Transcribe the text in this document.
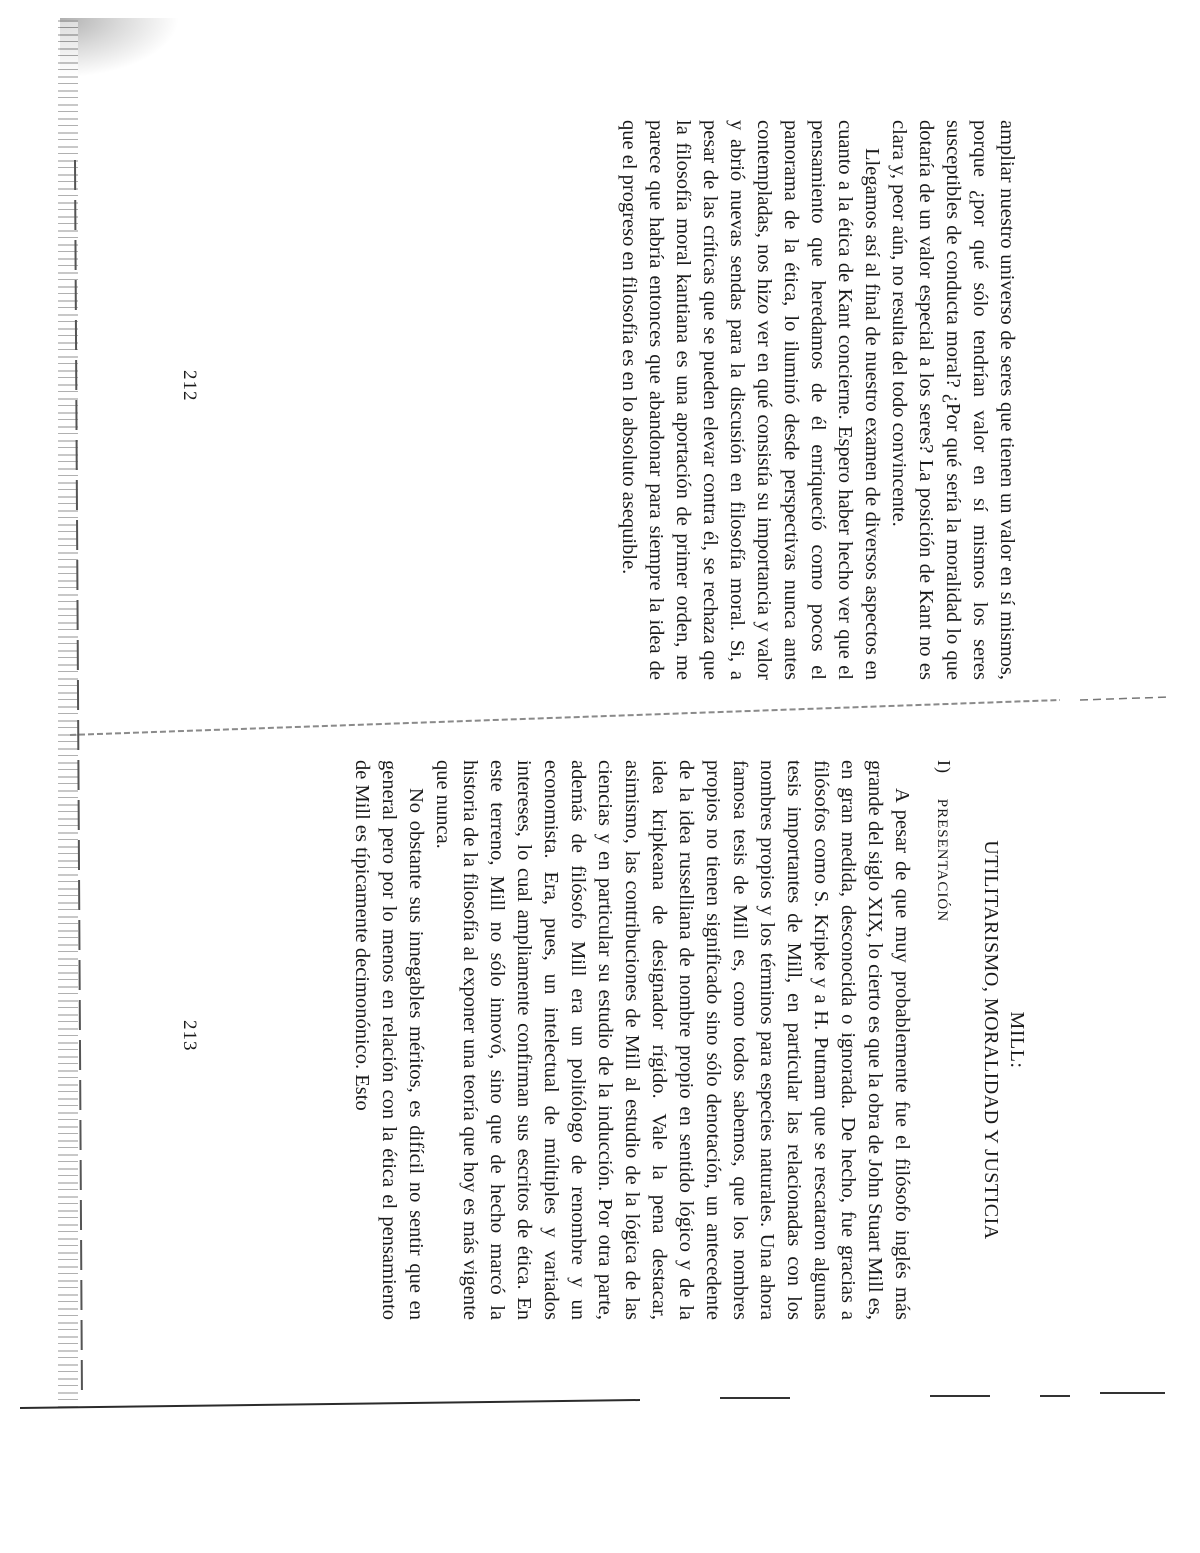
ampliar nuestro universo de seres que tienen un valor en sí mismos, porque ¿por qué sólo tendrían valor en sí mismos los seres susceptibles de conducta moral? ¿Por qué sería la moralidad lo que dotaría de un valor especial a los seres? La posición de Kant no es clara y, peor aún, no resulta del todo convincente.

Llegamos así al final de nuestro examen de diversos aspectos en cuanto a la ética de Kant concierne. Espero haber hecho ver que el pensamiento que heredamos de él enriqueció como pocos el panorama de la ética, lo iluminó desde perspectivas nunca antes contempladas, nos hizo ver en qué consistía su importancia y valor y abrió nuevas sendas para la discusión en filosofía moral. Si, a pesar de las críticas que se pueden elevar contra él, se rechaza que la filosofía moral kantiana es una aportación de primer orden, me parece que habría entonces que abandonar para siempre la idea de que el progreso en filosofía es en lo absoluto asequible.

212
MILL:
UTILITARISMO, MORALIDAD Y JUSTICIA
I) PRESENTACIÓN

A pesar de que muy probablemente fue el filósofo inglés más grande del siglo XIX, lo cierto es que la obra de John Stuart Mill es, en gran medida, desconocida o ignorada. De hecho, fue gracias a filósofos como S. Kripke y a H. Putnam que se rescataron algunas tesis importantes de Mill, en particular las relacionadas con los nombres propios y los términos para especies naturales. Una ahora famosa tesis de Mill es, como todos sabemos, que los nombres propios no tienen significado sino sólo denotación, un antecedente de la idea russelliana de nombre propio en sentido lógico y de la idea kripkeana de designador rígido. Vale la pena destacar, asimismo, las contribuciones de Mill al estudio de la lógica de las ciencias y en particular su estudio de la inducción. Por otra parte, además de filósofo Mill era un politólogo de renombre y un economista. Era, pues, un intelectual de múltiples y variados intereses, lo cual ampliamente confirman sus escritos de ética. En este terreno, Mill no sólo innovó, sino que de hecho marcó la historia de la filosofía al exponer una teoría que hoy es más vigente que nunca.

No obstante sus innegables méritos, es difícil no sentir que en general pero por lo menos en relación con la ética el pensamiento de Mill es típicamente decimonónico. Esto

213
